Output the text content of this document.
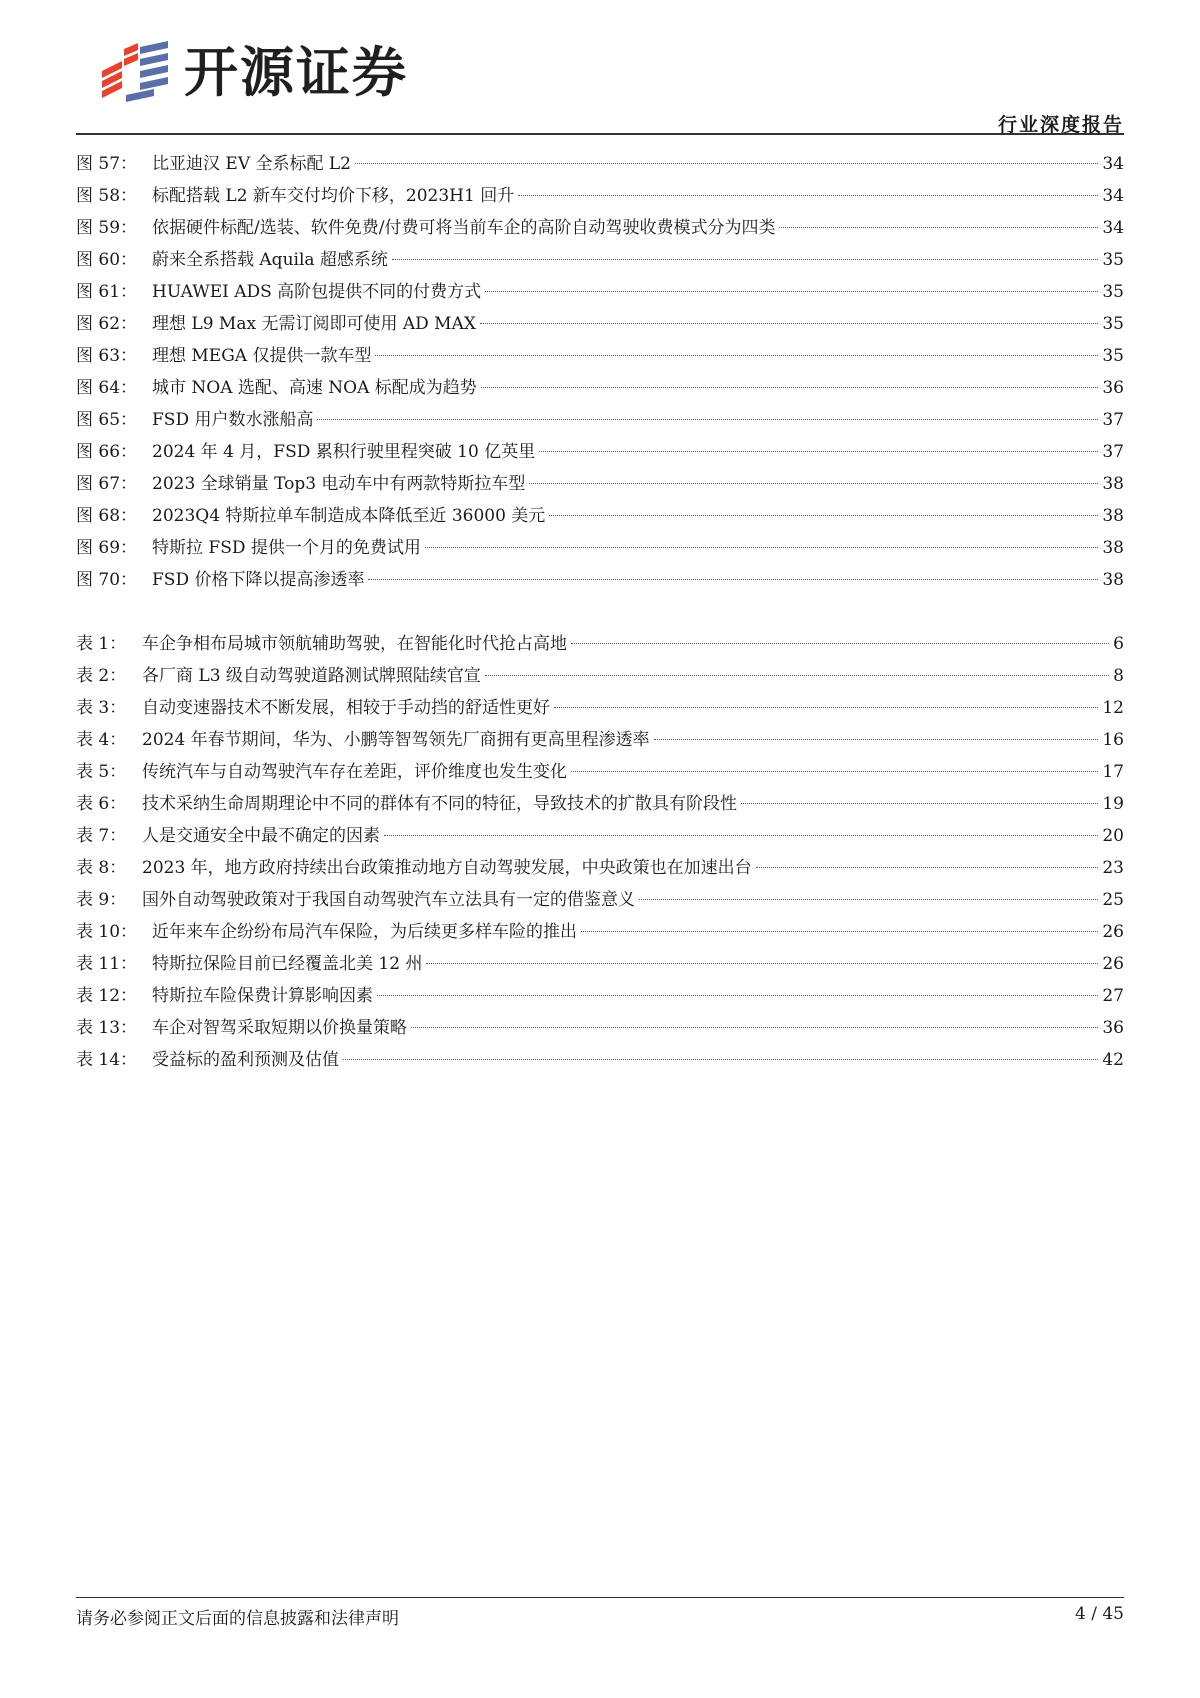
开源证券
行业深度报告
图 57： 比亚迪汉 EV 全系标配 L2	34
图 58： 标配搭载 L2 新车交付均价下移，2023H1 回升	34
图 59： 依据硬件标配/选装、软件免费/付费可将当前车企的高阶自动驾驶收费模式分为四类	34
图 60： 蔚来全系搭载 Aquila 超感系统	35
图 61： HUAWEI ADS 高阶包提供不同的付费方式	35
图 62： 理想 L9 Max 无需订阅即可使用 AD MAX	35
图 63： 理想 MEGA 仅提供一款车型	35
图 64： 城市 NOA 选配、高速 NOA 标配成为趋势	36
图 65： FSD 用户数水涨船高	37
图 66： 2024 年 4 月，FSD 累积行驶里程突破 10 亿英里	37
图 67： 2023 全球销量 Top3 电动车中有两款特斯拉车型	38
图 68： 2023Q4 特斯拉单车制造成本降低至近 36000 美元	38
图 69： 特斯拉 FSD 提供一个月的免费试用	38
图 70： FSD 价格下降以提高渗透率	38
表 1： 车企争相布局城市领航辅助驾驶，在智能化时代抢占高地	6
表 2： 各厂商 L3 级自动驾驶道路测试牌照陆续官宣	8
表 3： 自动变速器技术不断发展，相较于手动挡的舒适性更好	12
表 4： 2024 年春节期间，华为、小鹏等智驾领先厂商拥有更高里程渗透率	16
表 5： 传统汽车与自动驾驶汽车存在差距，评价维度也发生变化	17
表 6： 技术采纳生命周期理论中不同的群体有不同的特征，导致技术的扩散具有阶段性	19
表 7： 人是交通安全中最不确定的因素	20
表 8： 2023 年，地方政府持续出台政策推动地方自动驾驶发展，中央政策也在加速出台	23
表 9： 国外自动驾驶政策对于我国自动驾驶汽车立法具有一定的借鉴意义	25
表 10： 近年来车企纷纷布局汽车保险，为后续更多样车险的推出	26
表 11： 特斯拉保险目前已经覆盖北美 12 州	26
表 12： 特斯拉车险保费计算影响因素	27
表 13： 车企对智驾采取短期以价换量策略	36
表 14： 受益标的盈利预测及估值	42
请务必参阅正文后面的信息披露和法律声明	4 / 45
